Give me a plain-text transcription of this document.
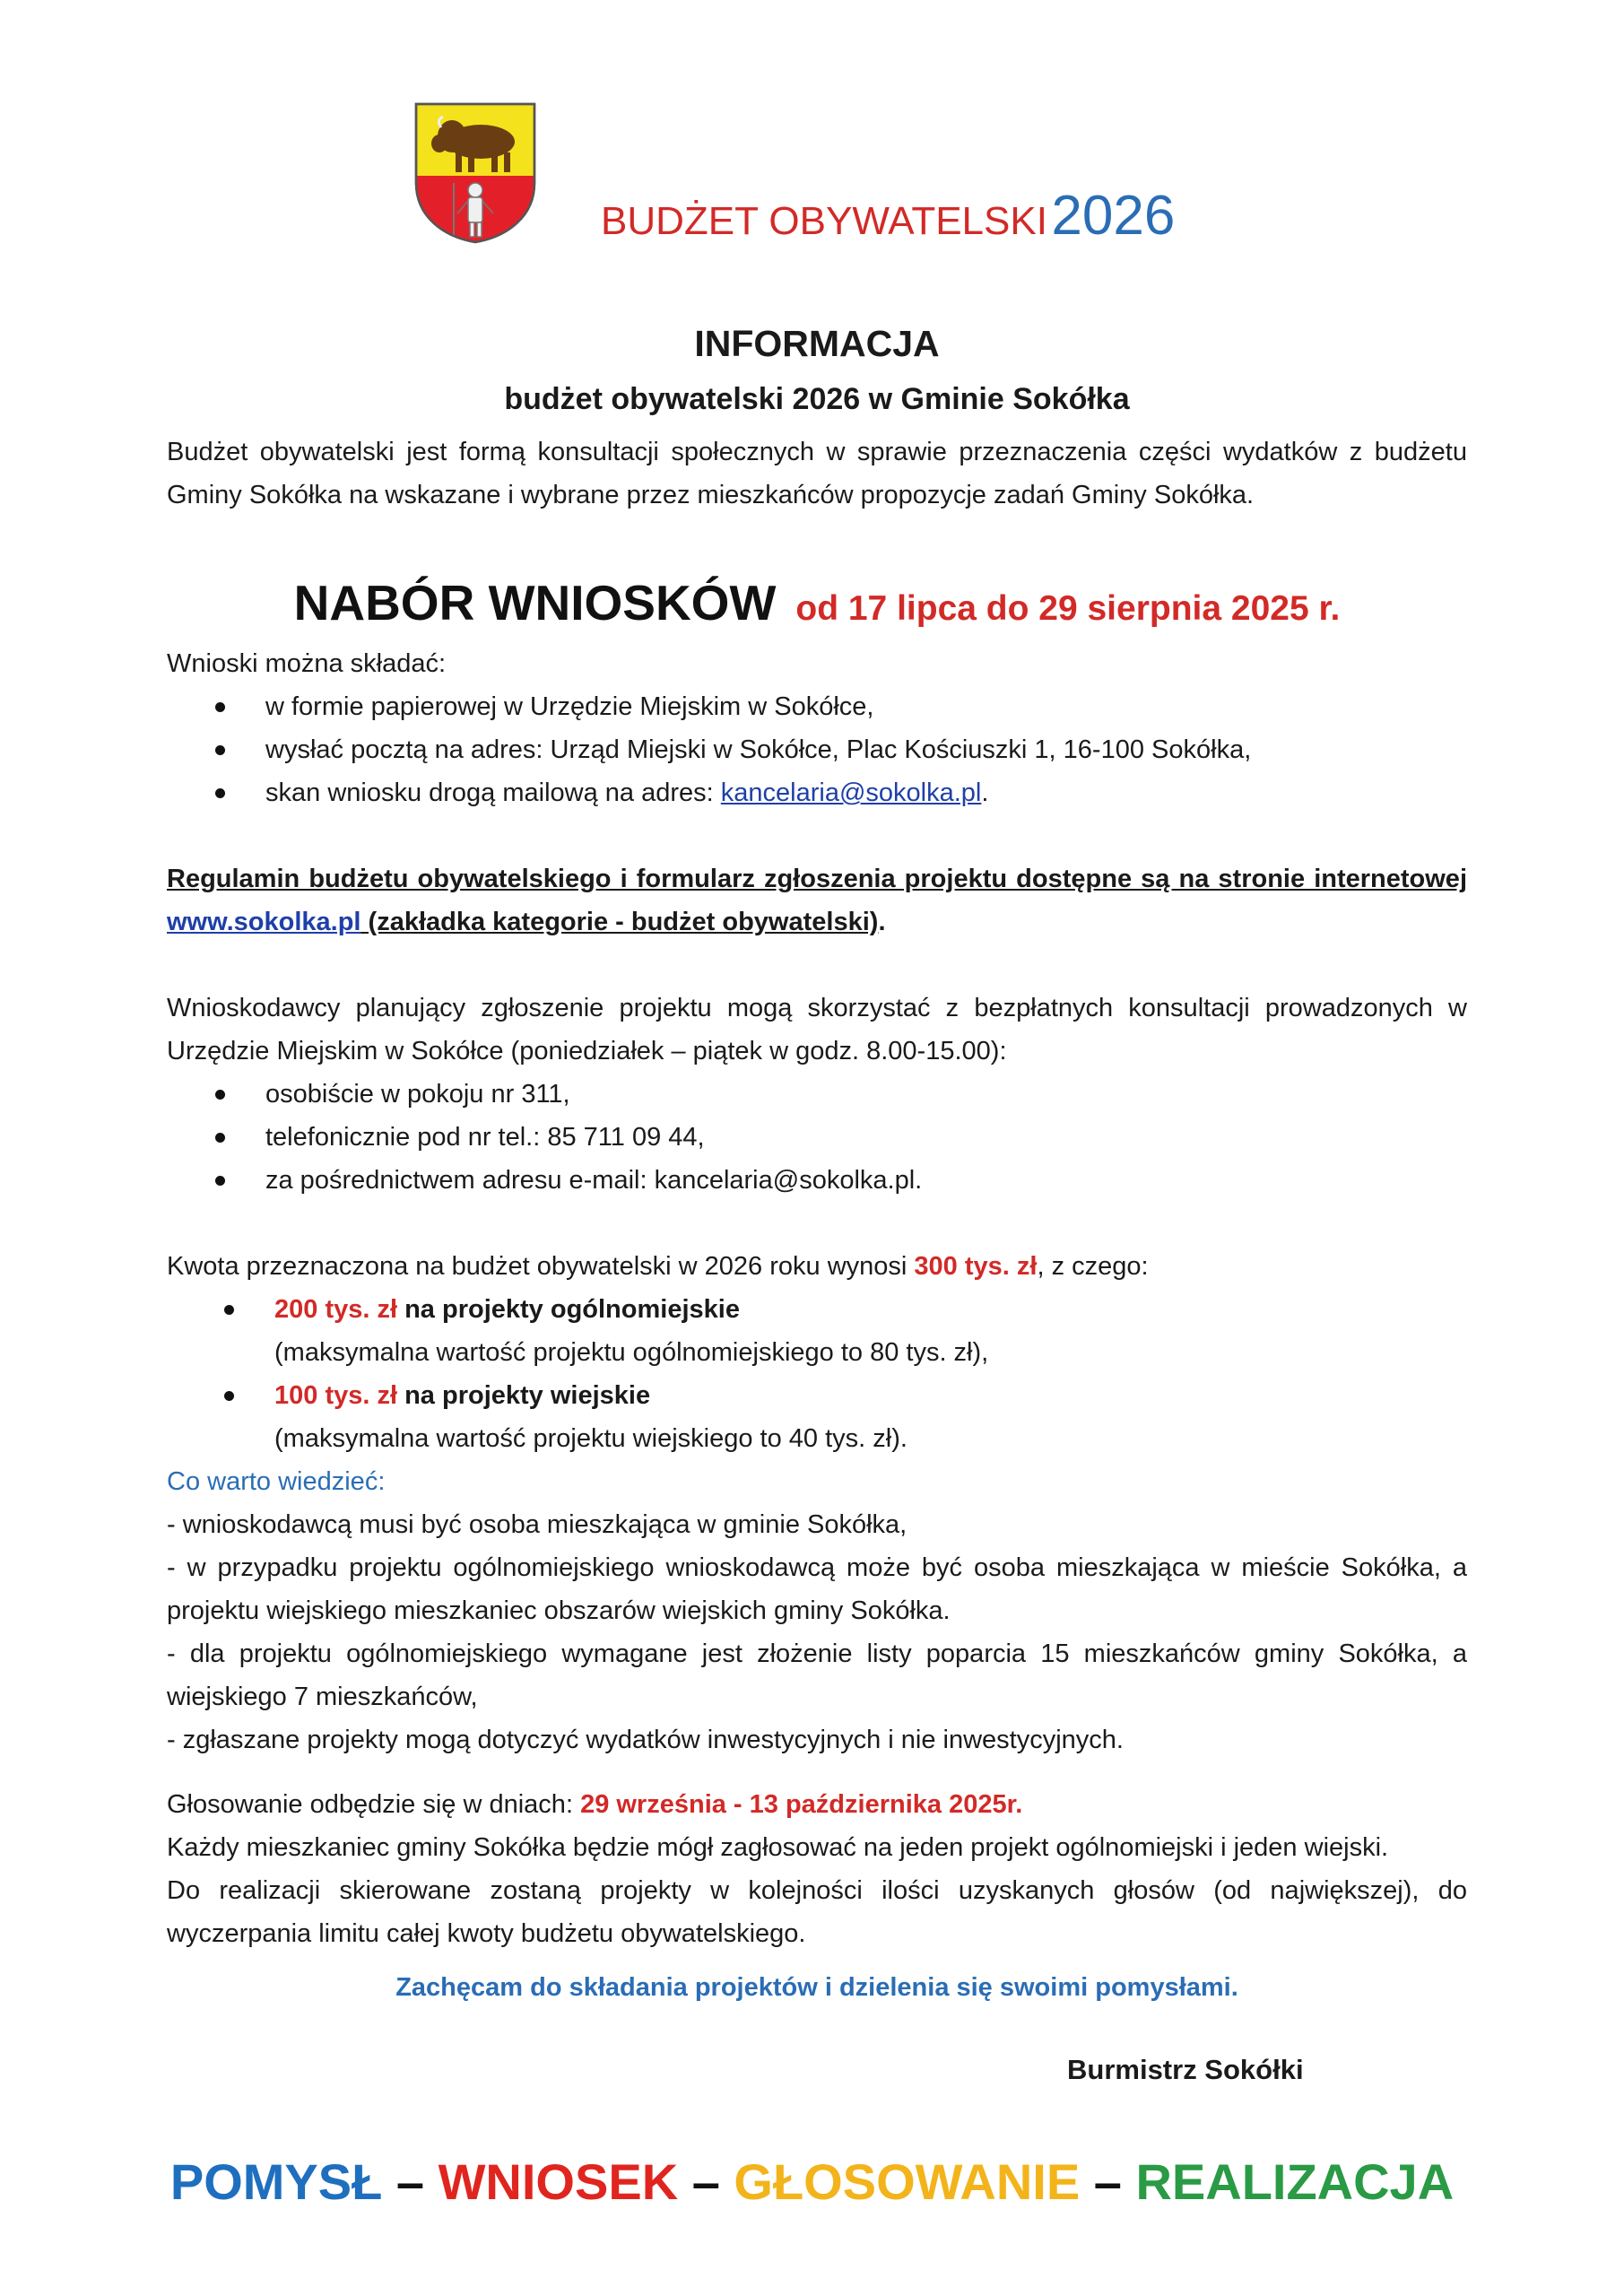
BUDŻET OBYWATELSKI 2026
INFORMACJA
budżet obywatelski 2026 w Gminie Sokółka
Budżet obywatelski jest formą konsultacji społecznych w sprawie przeznaczenia części wydatków z budżetu Gminy Sokółka na wskazane i wybrane przez mieszkańców propozycje zadań Gminy Sokółka.
NABÓR WNIOSKÓW od 17 lipca do 29 sierpnia 2025 r.
Wnioski można składać:
w formie papierowej w Urzędzie Miejskim w Sokółce,
wysłać pocztą na adres: Urząd Miejski w Sokółce, Plac Kościuszki 1, 16-100 Sokółka,
skan wniosku drogą mailową na adres: kancelaria@sokolka.pl.
Regulamin budżetu obywatelskiego i formularz zgłoszenia projektu dostępne są na stronie internetowej www.sokolka.pl (zakładka kategorie - budżet obywatelski).
Wnioskodawcy planujący zgłoszenie projektu mogą skorzystać z bezpłatnych konsultacji prowadzonych w Urzędzie Miejskim w Sokółce (poniedziałek – piątek w godz. 8.00-15.00):
osobiście w pokoju nr 311,
telefonicznie pod nr tel.: 85 711 09 44,
za pośrednictwem adresu e-mail: kancelaria@sokolka.pl.
Kwota przeznaczona na budżet obywatelski w 2026 roku wynosi 300 tys. zł, z czego:
200 tys. zł na projekty ogólnomiejskie
(maksymalna wartość projektu ogólnomiejskiego to 80 tys. zł),
100 tys. zł na projekty wiejskie
(maksymalna wartość projektu wiejskiego to 40 tys. zł).
Co warto wiedzieć:
- wnioskodawcą musi być osoba mieszkająca w gminie Sokółka,
- w przypadku projektu ogólnomiejskiego wnioskodawcą może być osoba mieszkająca w mieście Sokółka, a projektu wiejskiego mieszkaniec obszarów wiejskich gminy Sokółka.
- dla projektu ogólnomiejskiego wymagane jest złożenie listy poparcia 15 mieszkańców gminy Sokółka, a wiejskiego 7 mieszkańców,
- zgłaszane projekty mogą dotyczyć wydatków inwestycyjnych i nie inwestycyjnych.
Głosowanie odbędzie się w dniach: 29 września - 13 października 2025r.
Każdy mieszkaniec gminy Sokółka będzie mógł zagłosować na jeden projekt ogólnomiejski i jeden wiejski.
Do realizacji skierowane zostaną projekty w kolejności ilości uzyskanych głosów (od największej), do wyczerpania limitu całej kwoty budżetu obywatelskiego.
Zachęcam do składania projektów i dzielenia się swoimi pomysłami.
Burmistrz Sokółki
POMYSŁ – WNIOSEK – GŁOSOWANIE – REALIZACJA
